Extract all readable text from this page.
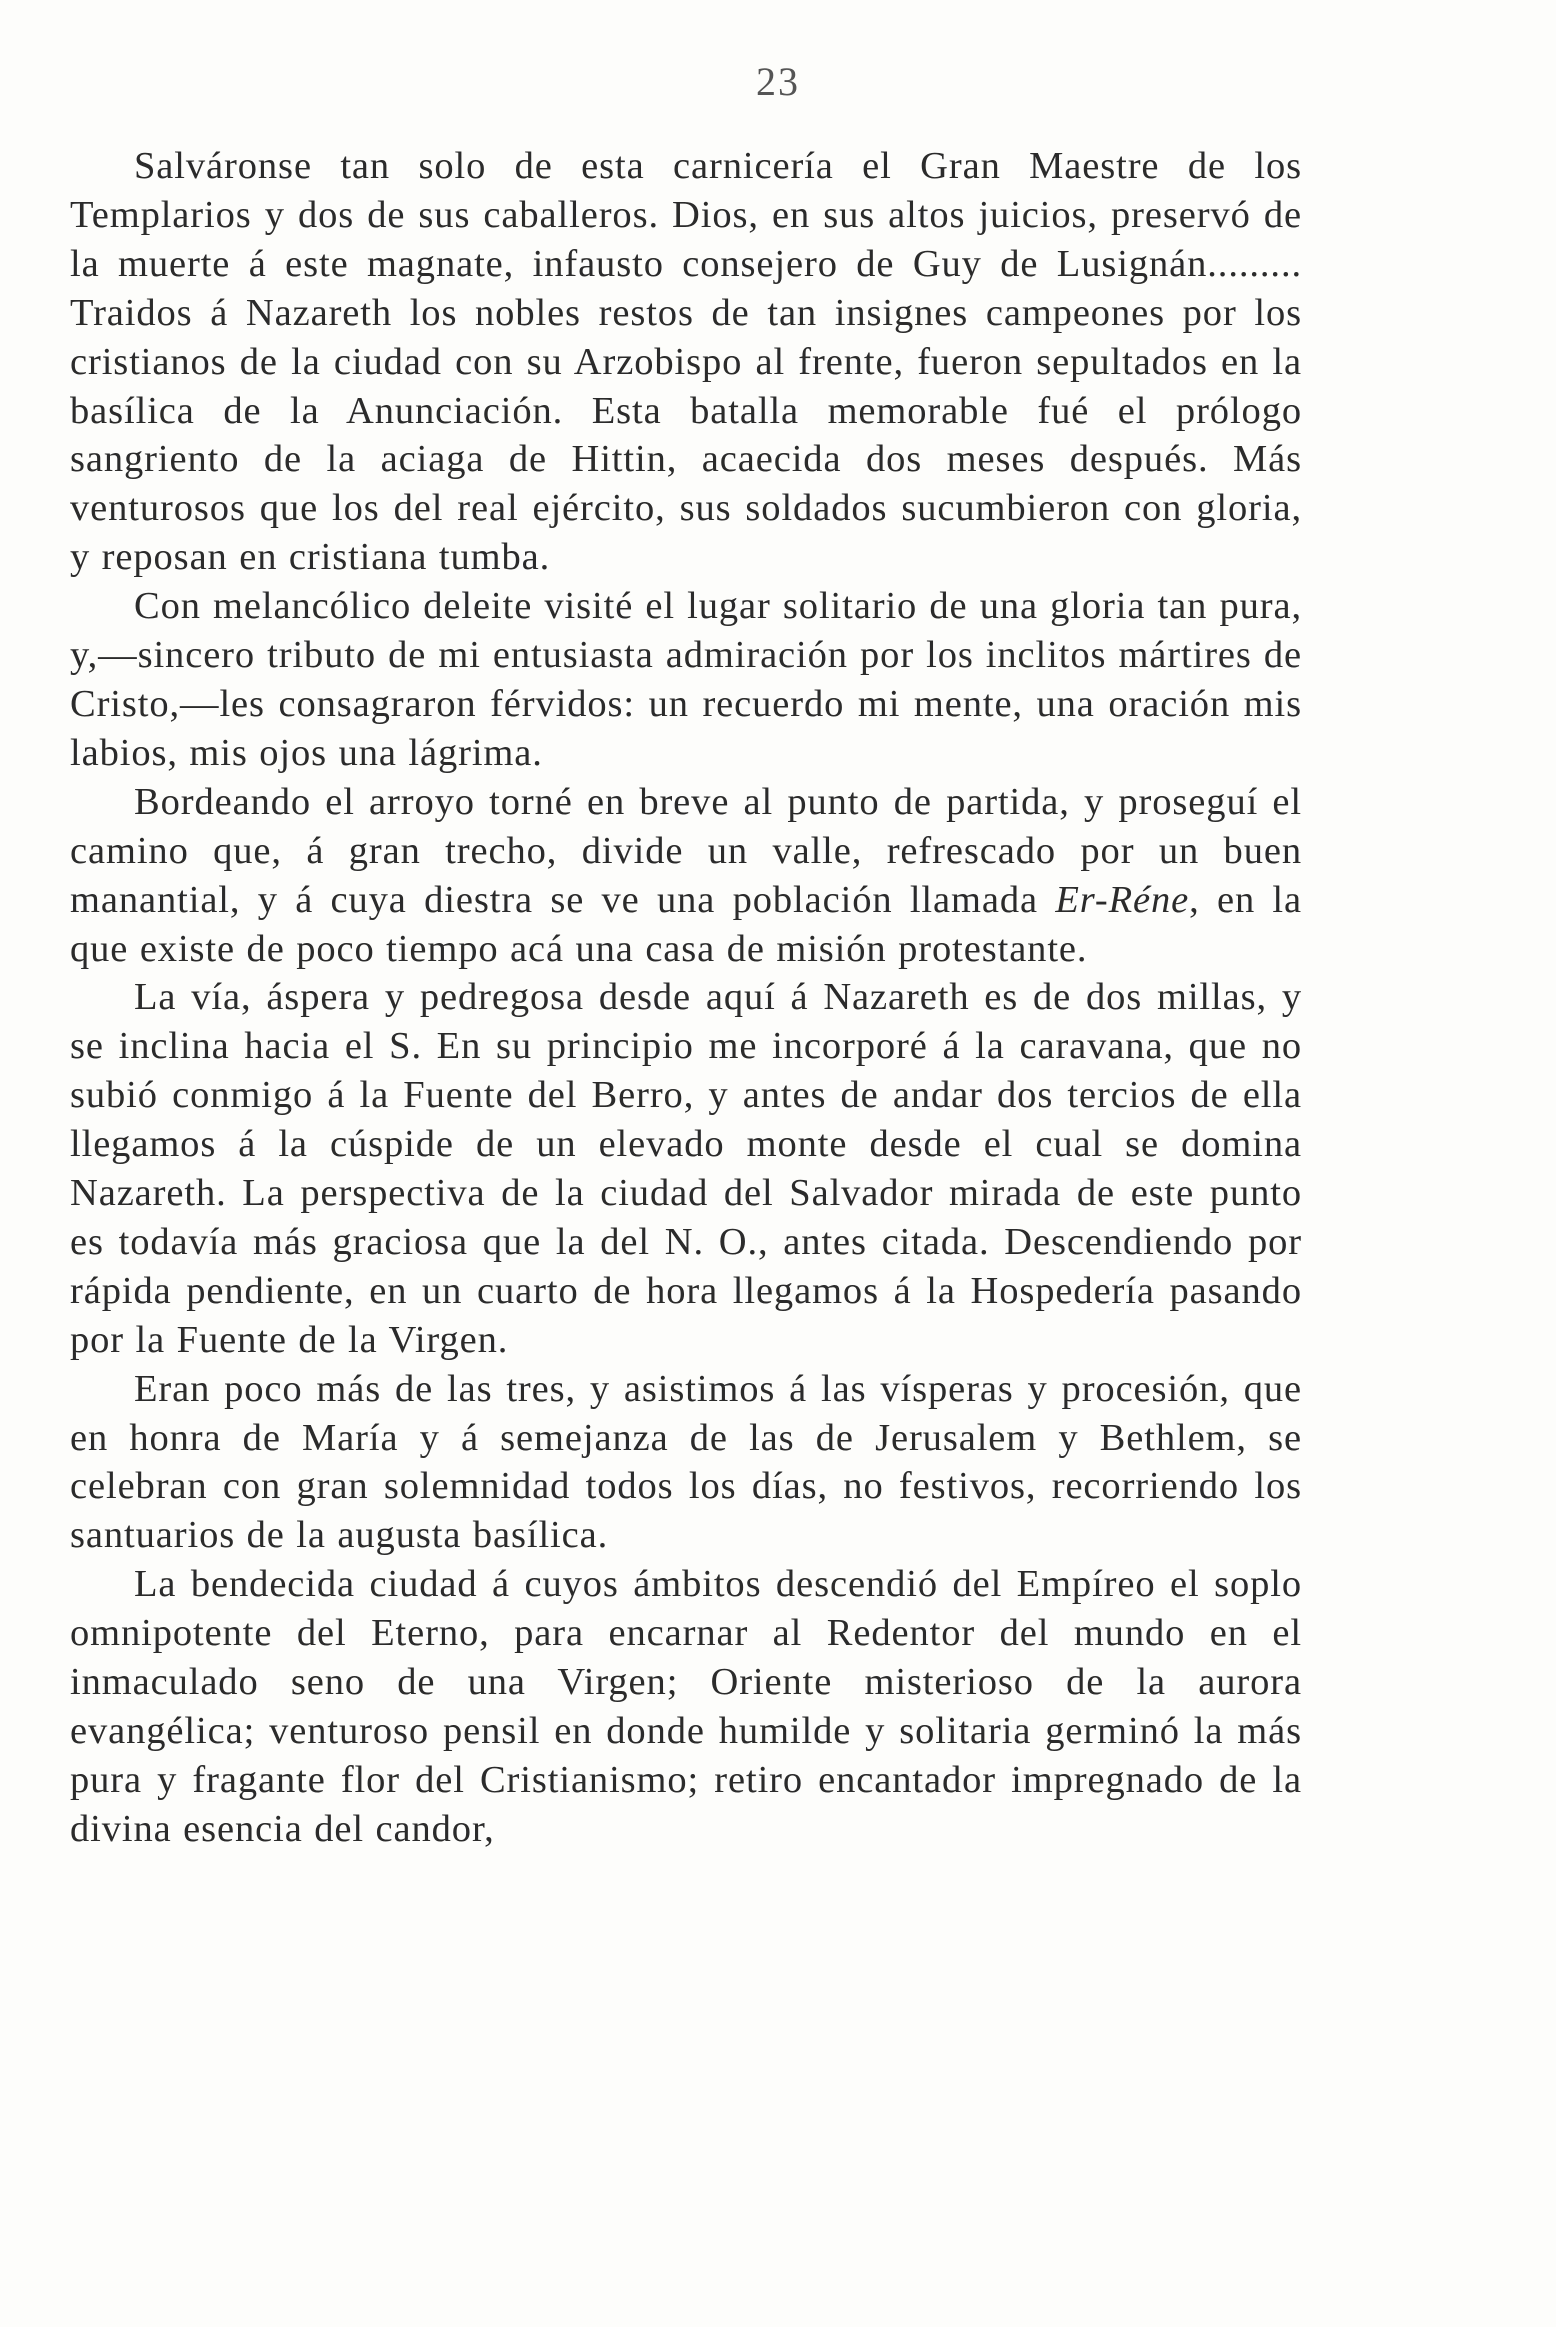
23

Salváronse tan solo de esta carnicería el Gran Maestre de los Templarios y dos de sus caballeros. Dios, en sus altos juicios, preservó de la muerte á este magnate, infausto consejero de Guy de Lusignán......... Traidos á Nazareth los nobles restos de tan insignes campeones por los cristianos de la ciudad con su Arzobispo al frente, fueron sepultados en la basílica de la Anunciación. Esta batalla memorable fué el prólogo sangriento de la aciaga de Hittin, acaecida dos meses después. Más venturosos que los del real ejército, sus soldados sucumbieron con gloria, y reposan en cristiana tumba.

Con melancólico deleite visité el lugar solitario de una gloria tan pura, y,—sincero tributo de mi entusiasta admiración por los inclitos mártires de Cristo,—les consagraron férvidos: un recuerdo mi mente, una oración mis labios, mis ojos una lágrima.

Bordeando el arroyo torné en breve al punto de partida, y proseguí el camino que, á gran trecho, divide un valle, refrescado por un buen manantial, y á cuya diestra se ve una población llamada Er-Réne, en la que existe de poco tiempo acá una casa de misión protestante.

La vía, áspera y pedregosa desde aquí á Nazareth es de dos millas, y se inclina hacia el S. En su principio me incorporé á la caravana, que no subió conmigo á la Fuente del Berro, y antes de andar dos tercios de ella llegamos á la cúspide de un elevado monte desde el cual se domina Nazareth. La perspectiva de la ciudad del Salvador mirada de este punto es todavía más graciosa que la del N. O., antes citada. Descendiendo por rápida pendiente, en un cuarto de hora llegamos á la Hospedería pasando por la Fuente de la Virgen.

Eran poco más de las tres, y asistimos á las vísperas y procesión, que en honra de María y á semejanza de las de Jerusalem y Bethlem, se celebran con gran solemnidad todos los días, no festivos, recorriendo los santuarios de la augusta basílica.

La bendecida ciudad á cuyos ámbitos descendió del Empíreo el soplo omnipotente del Eterno, para encarnar al Redentor del mundo en el inmaculado seno de una Virgen; Oriente misterioso de la aurora evangélica; venturoso pensil en donde humilde y solitaria germinó la más pura y fragante flor del Cristianismo; retiro encantador impregnado de la divina esencia del candor,
